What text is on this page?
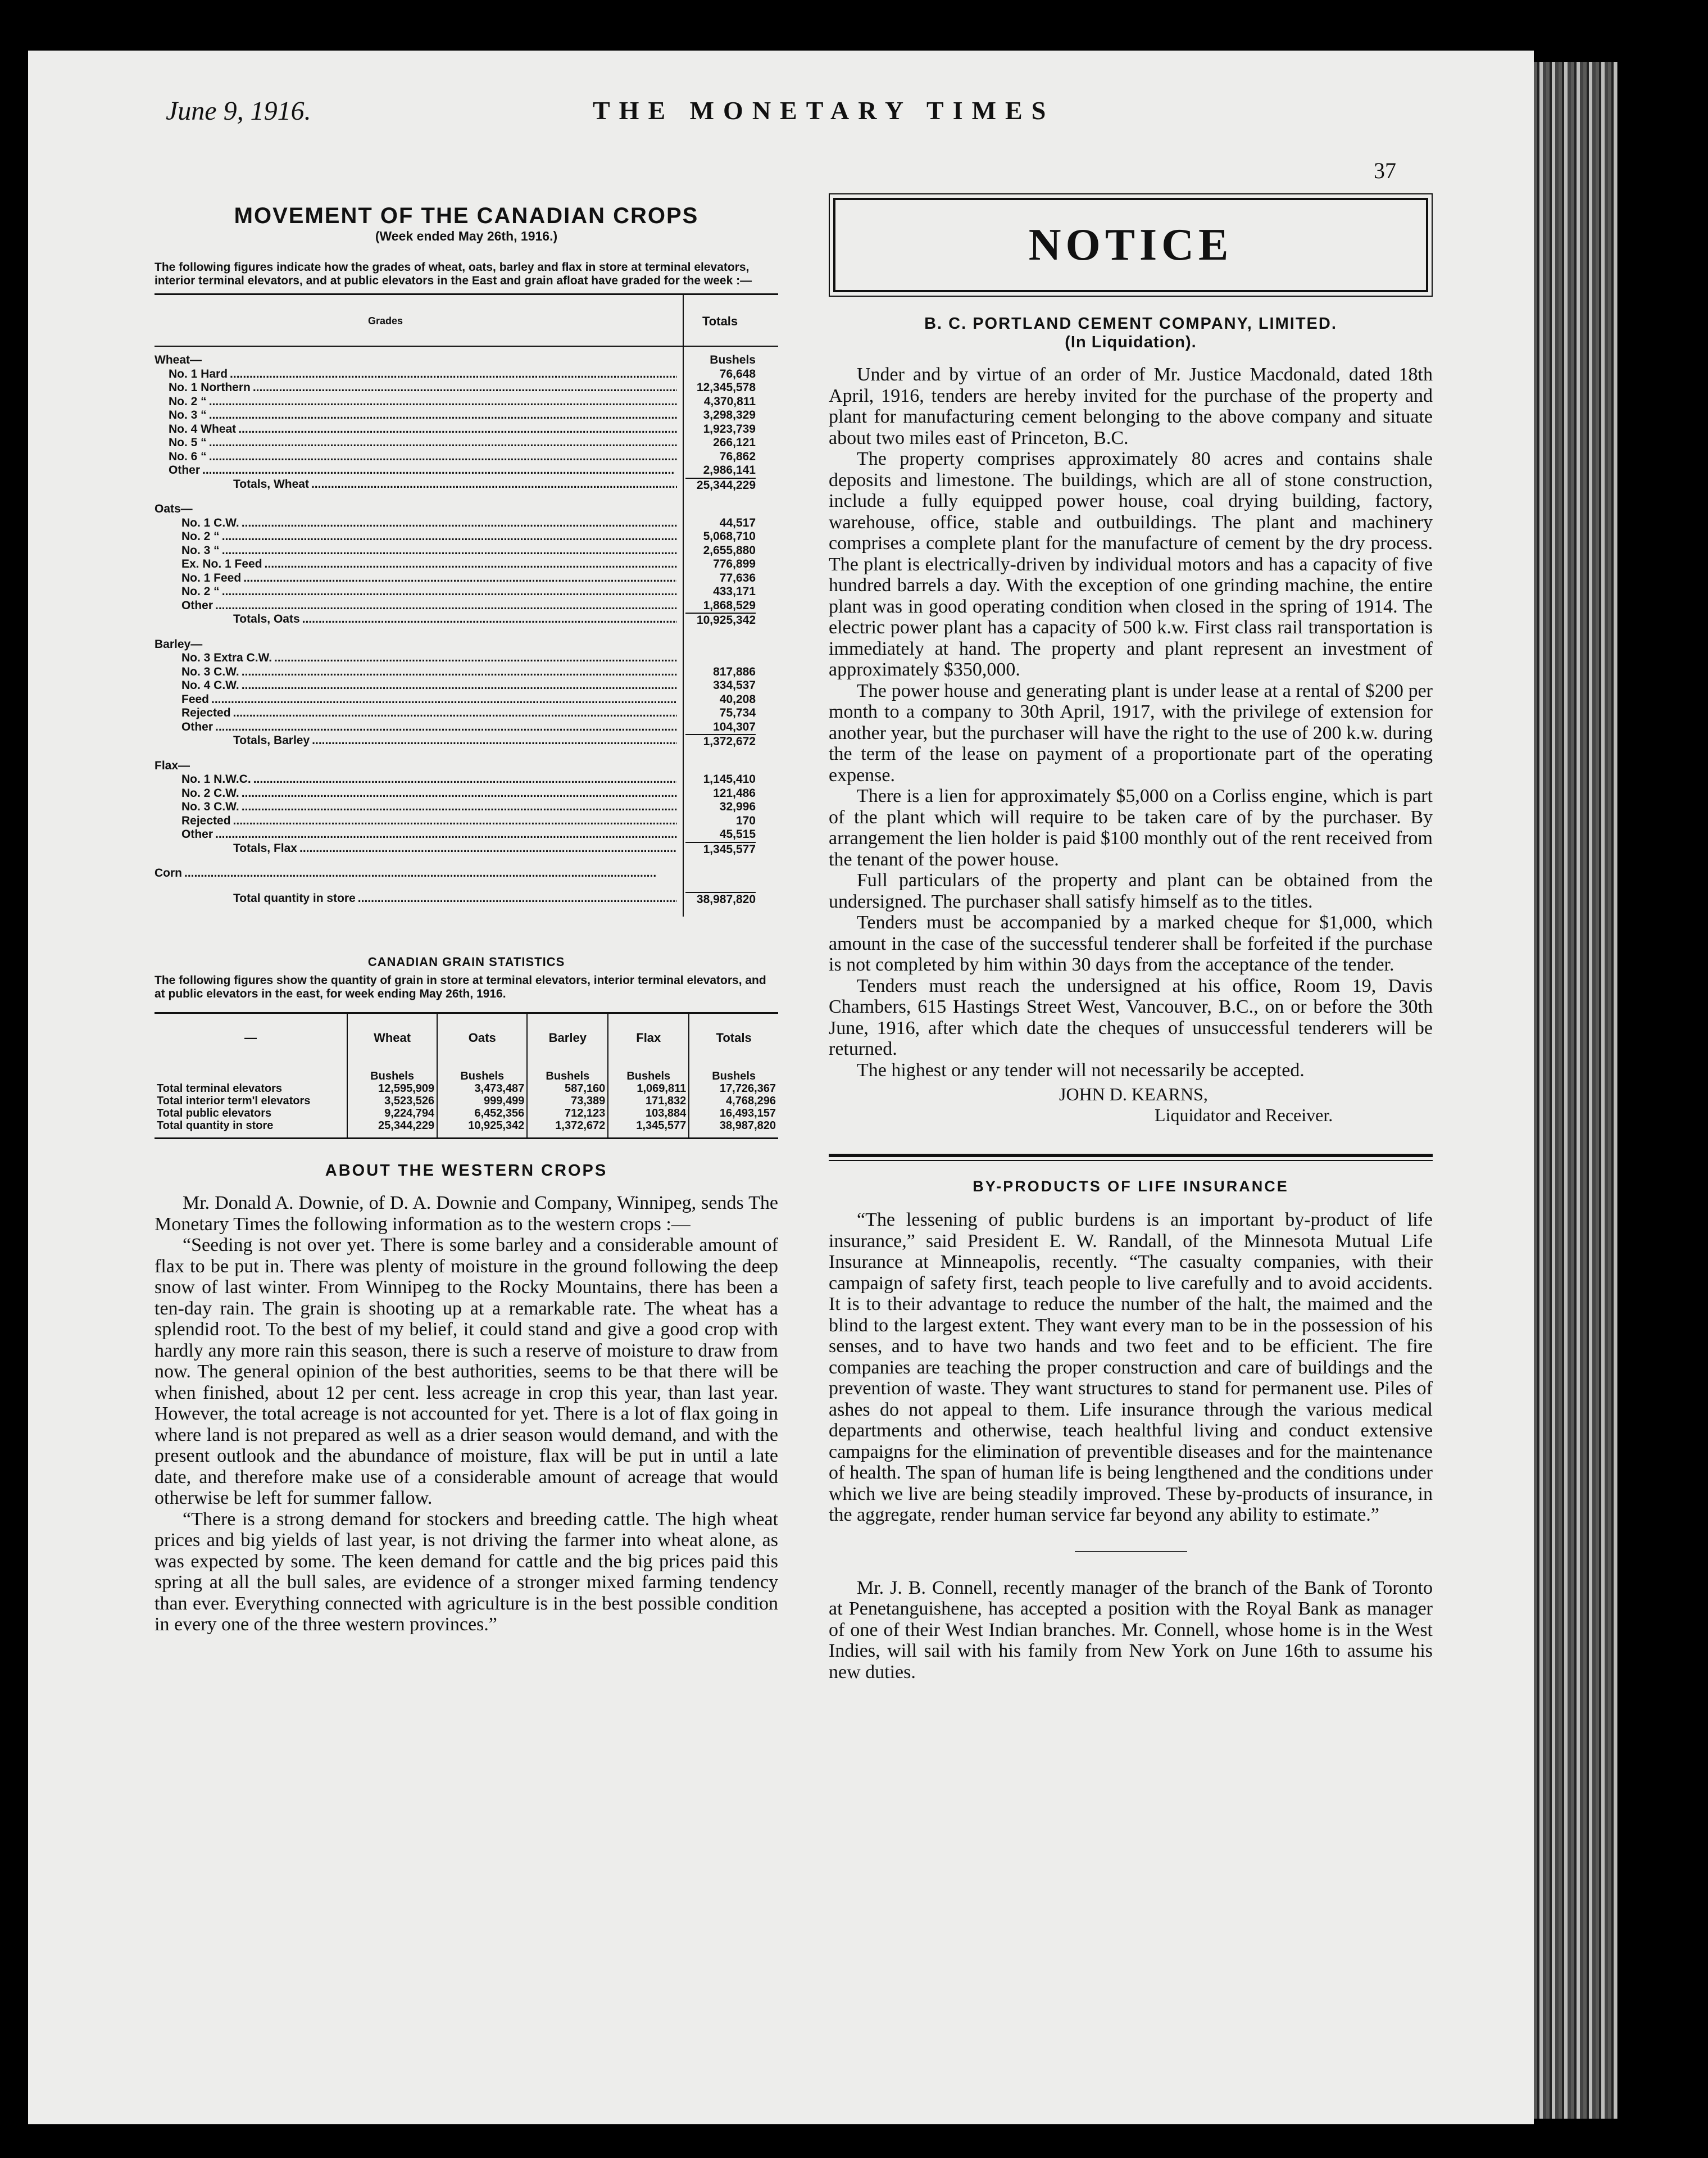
June 9, 1916.	THE MONETARY TIMES
37
MOVEMENT OF THE CANADIAN CROPS
(Week ended May 26th, 1916.)
The following figures indicate how the grades of wheat, oats, barley and flax in store at terminal elevators, interior terminal elevators, and at public elevators in the East and grain afloat have graded for the week :—
Grades	Totals
Wheat—	Bushels
No. 1 Hard .....	76,648
No. 1 Northern .....	12,345,578
No. 2 “ .....	4,370,811
No. 3 “ .....	3,298,329
No. 4 Wheat .....	1,923,739
No. 5 “ .....	266,121
No. 6 “ .....	76,862
Other .....	2,986,141
Totals, Wheat .....	25,344,229
Oats—
No. 1 C.W. .....	44,517
No. 2 “ .....	5,068,710
No. 3 “ .....	2,655,880
Ex. No. 1 Feed .....	776,899
No. 1 Feed .....	77,636
No. 2 “ .....	433,171
Other .....	1,868,529
Totals, Oats .....	10,925,342
Barley—
No. 3 Extra C.W. .....
No. 3 C.W. .....	817,886
No. 4 C.W. .....	334,537
Feed .....	40,208
Rejected .....	75,734
Other .....	104,307
Totals, Barley .....	1,372,672
Flax—
No. 1 N.W.C. .....	1,145,410
No. 2 C.W. .....	121,486
No. 3 C.W. .....	32,996
Rejected .....	170
Other .....	45,515
Totals, Flax .....	1,345,577
Corn .....
Total quantity in store .....	38,987,820
CANADIAN GRAIN STATISTICS
The following figures show the quantity of grain in store at terminal elevators, interior terminal elevators, and at public elevators in the east, for week ending May 26th, 1916.
—	Wheat	Oats	Barley	Flax	Totals
	Bushels	Bushels	Bushels	Bushels	Bushels
Total terminal elevators	12,595,909	3,473,487	587,160	1,069,811	17,726,367
Total interior term'l elevators	3,523,526	999,499	73,389	171,832	4,768,296
Total public elevators	9,224,794	6,452,356	712,123	103,884	16,493,157
Total quantity in store	25,344,229	10,925,342	1,372,672	1,345,577	38,987,820

ABOUT THE WESTERN CROPS

Mr. Donald A. Downie, of D. A. Downie and Company, Winnipeg, sends The Monetary Times the following information as to the western crops :—

“Seeding is not over yet. There is some barley and a considerable amount of flax to be put in. There was plenty of moisture in the ground following the deep snow of last winter. From Winnipeg to the Rocky Mountains, there has been a ten-day rain. The grain is shooting up at a remarkable rate. The wheat has a splendid root. To the best of my belief, it could stand and give a good crop with hardly any more rain this season, there is such a reserve of moisture to draw from now. The general opinion of the best authorities, seems to be that there will be when finished, about 12 per cent. less acreage in crop this year, than last year. However, the total acreage is not accounted for yet. There is a lot of flax going in where land is not prepared as well as a drier season would demand, and with the present outlook and the abundance of moisture, flax will be put in until a late date, and therefore make use of a considerable amount of acreage that would otherwise be left for summer fallow.

“There is a strong demand for stockers and breeding cattle. The high wheat prices and big yields of last year, is not driving the farmer into wheat alone, as was expected by some. The keen demand for cattle and the big prices paid this spring at all the bull sales, are evidence of a stronger mixed farming tendency than ever. Everything connected with agriculture is in the best possible condition in every one of the three western provinces.”

NOTICE
B. C. PORTLAND CEMENT COMPANY, LIMITED.
(In Liquidation).

Under and by virtue of an order of Mr. Justice Macdonald, dated 18th April, 1916, tenders are hereby invited for the purchase of the property and plant for manufacturing cement belonging to the above company and situate about two miles east of Princeton, B.C.

The property comprises approximately 80 acres and contains shale deposits and limestone. The buildings, which are all of stone construction, include a fully equipped power house, coal drying building, factory, warehouse, office, stable and outbuildings. The plant and machinery comprises a complete plant for the manufacture of cement by the dry process. The plant is electrically-driven by individual motors and has a capacity of five hundred barrels a day. With the exception of one grinding machine, the entire plant was in good operating condition when closed in the spring of 1914. The electric power plant has a capacity of 500 k.w. First class rail transportation is immediately at hand. The property and plant represent an investment of approximately $350,000.

The power house and generating plant is under lease at a rental of $200 per month to a company to 30th April, 1917, with the privilege of extension for another year, but the purchaser will have the right to the use of 200 k.w. during the term of the lease on payment of a proportionate part of the operating expense.

There is a lien for approximately $5,000 on a Corliss engine, which is part of the plant which will require to be taken care of by the purchaser. By arrangement the lien holder is paid $100 monthly out of the rent received from the tenant of the power house.

Full particulars of the property and plant can be obtained from the undersigned. The purchaser shall satisfy himself as to the titles.

Tenders must be accompanied by a marked cheque for $1,000, which amount in the case of the successful tenderer shall be forfeited if the purchase is not completed by him within 30 days from the acceptance of the tender.

Tenders must reach the undersigned at his office, Room 19, Davis Chambers, 615 Hastings Street West, Vancouver, B.C., on or before the 30th June, 1916, after which date the cheques of unsuccessful tenderers will be returned.

The highest or any tender will not necessarily be accepted.

JOHN D. KEARNS,
Liquidator and Receiver.
BY-PRODUCTS OF LIFE INSURANCE

“The lessening of public burdens is an important by-product of life insurance,” said President E. W. Randall, of the Minnesota Mutual Life Insurance at Minneapolis, recently. “The casualty companies, with their campaign of safety first, teach people to live carefully and to avoid accidents. It is to their advantage to reduce the number of the halt, the maimed and the blind to the largest extent. They want every man to be in the possession of his senses, and to have two hands and two feet and to be efficient. The fire companies are teaching the proper construction and care of buildings and the prevention of waste. They want structures to stand for permanent use. Piles of ashes do not appeal to them. Life insurance through the various medical departments and otherwise, teach healthful living and conduct extensive campaigns for the elimination of preventible diseases and for the maintenance of health. The span of human life is being lengthened and the conditions under which we live are being steadily improved. These by-products of insurance, in the aggregate, render human service far beyond any ability to estimate.”

Mr. J. B. Connell, recently manager of the branch of the Bank of Toronto at Penetanguishene, has accepted a position with the Royal Bank as manager of one of their West Indian branches. Mr. Connell, whose home is in the West Indies, will sail with his family from New York on June 16th to assume his new duties.
